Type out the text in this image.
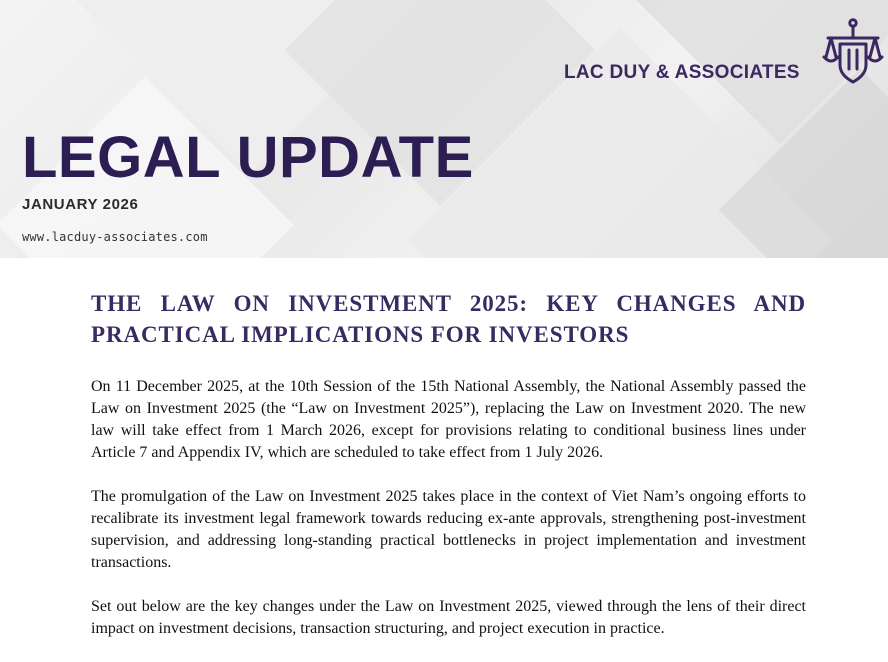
LAC DUY & ASSOCIATES
LEGAL UPDATE
JANUARY 2026
www.lacduy-associates.com
THE LAW ON INVESTMENT 2025: KEY CHANGES AND PRACTICAL IMPLICATIONS FOR INVESTORS

On 11 December 2025, at the 10th Session of the 15th National Assembly, the National Assembly passed the Law on Investment 2025 (the “Law on Investment 2025”), replacing the Law on Investment 2020. The new law will take effect from 1 March 2026, except for provisions relating to conditional business lines under Article 7 and Appendix IV, which are scheduled to take effect from 1 July 2026.

The promulgation of the Law on Investment 2025 takes place in the context of Viet Nam’s ongoing efforts to recalibrate its investment legal framework towards reducing ex-ante approvals, strengthening post-investment supervision, and addressing long-standing practical bottlenecks in project implementation and investment transactions.

Set out below are the key changes under the Law on Investment 2025, viewed through the lens of their direct impact on investment decisions, transaction structuring, and project execution in practice.
